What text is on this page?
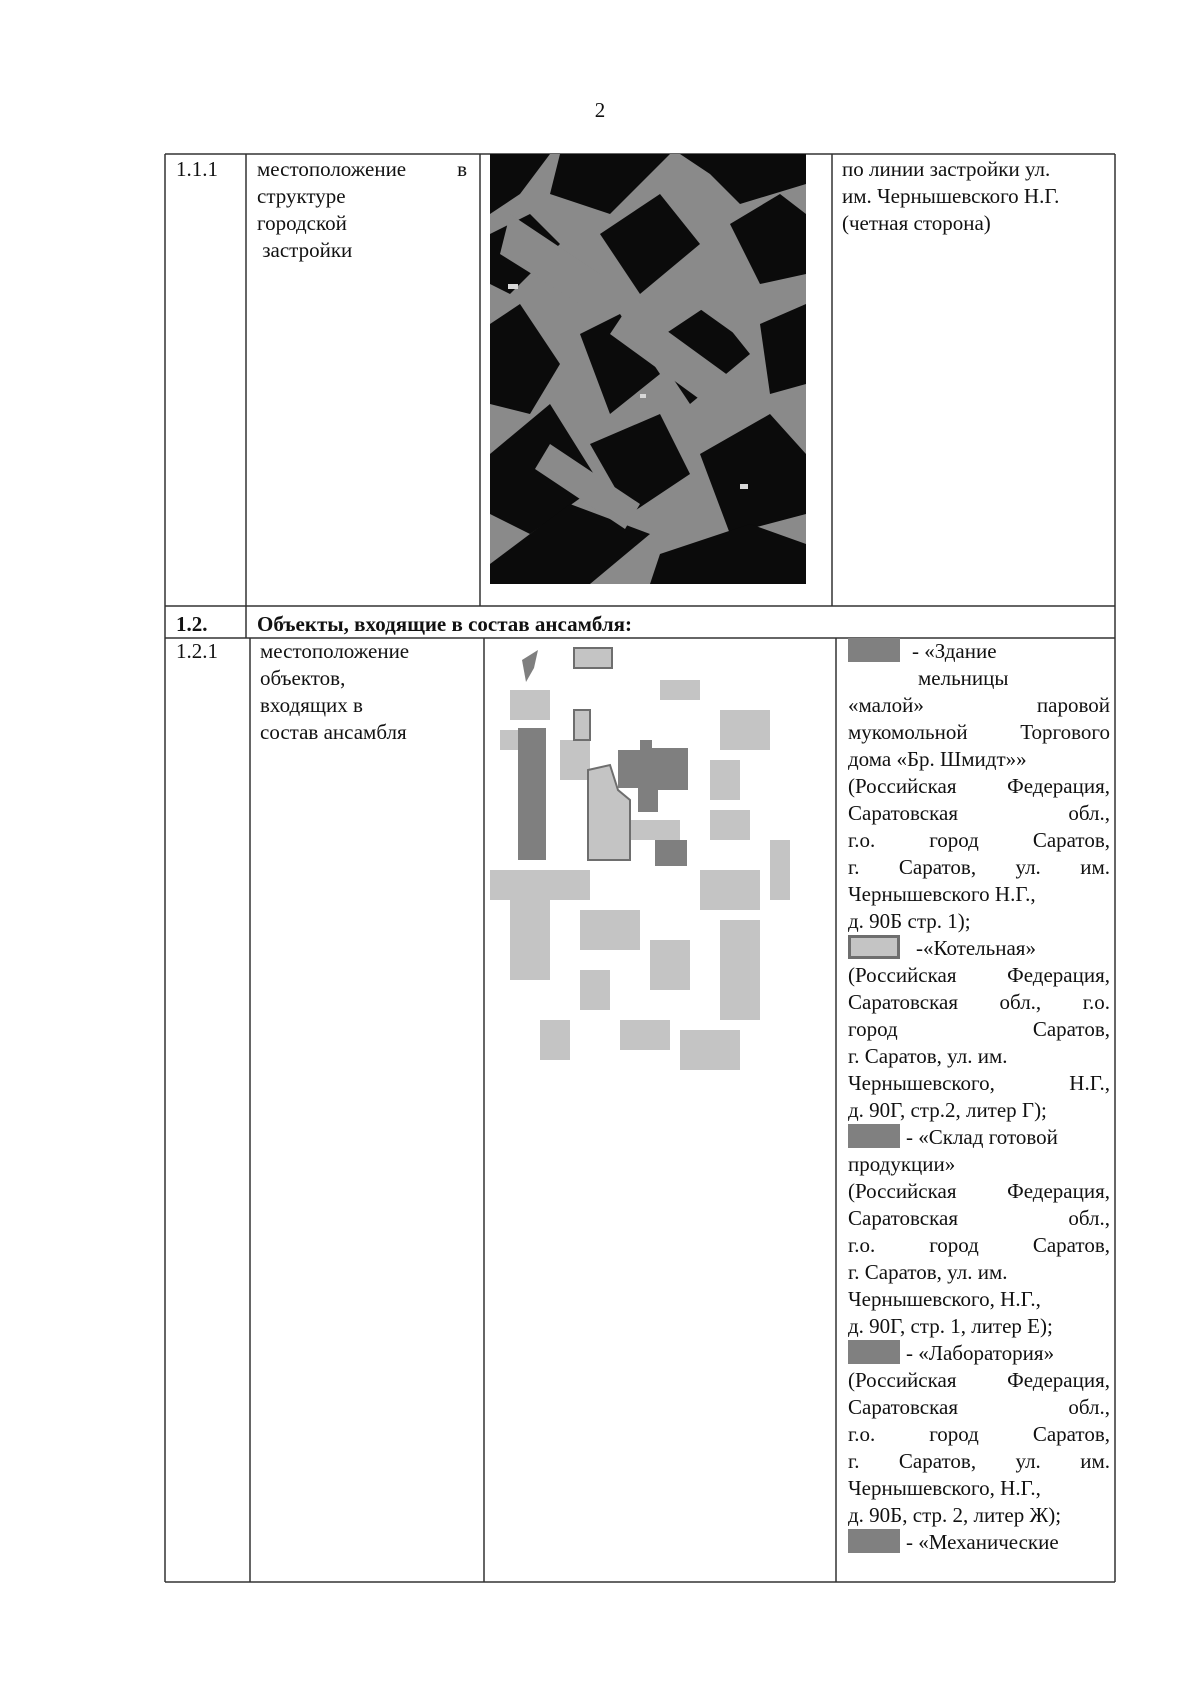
2
1.1.1 местоположение в
структуре
городской
застройки
по линии застройки ул.
им. Чернышевского Н.Г.
(четная сторона)
1.2. Объекты, входящие в состав ансамбля:
1.2.1 местоположение
объектов,
входящих в
состав ансамбля
- «Здание
мельницы
«малой» паровой
мукомольной Торгового
дома «Бр. Шмидт»»
(Российская Федерация,
Саратовская обл.,
г.о. город Саратов,
г. Саратов, ул. им.
Чернышевского Н.Г.,
д. 90Б стр. 1);
-«Котельная»
(Российская Федерация,
Саратовская обл., г.о.
город Саратов,
г. Саратов, ул. им.
Чернышевского, Н.Г.,
д. 90Г, стр.2, литер Г);
- «Склад готовой
продукции»
(Российская Федерация,
Саратовская обл.,
г.о. город Саратов,
г. Саратов, ул. им.
Чернышевского, Н.Г.,
д. 90Г, стр. 1, литер Е);
- «Лаборатория»
(Российская Федерация,
Саратовская обл.,
г.о. город Саратов,
г. Саратов, ул. им.
Чернышевского, Н.Г.,
д. 90Б, стр. 2, литер Ж);
- «Механические
